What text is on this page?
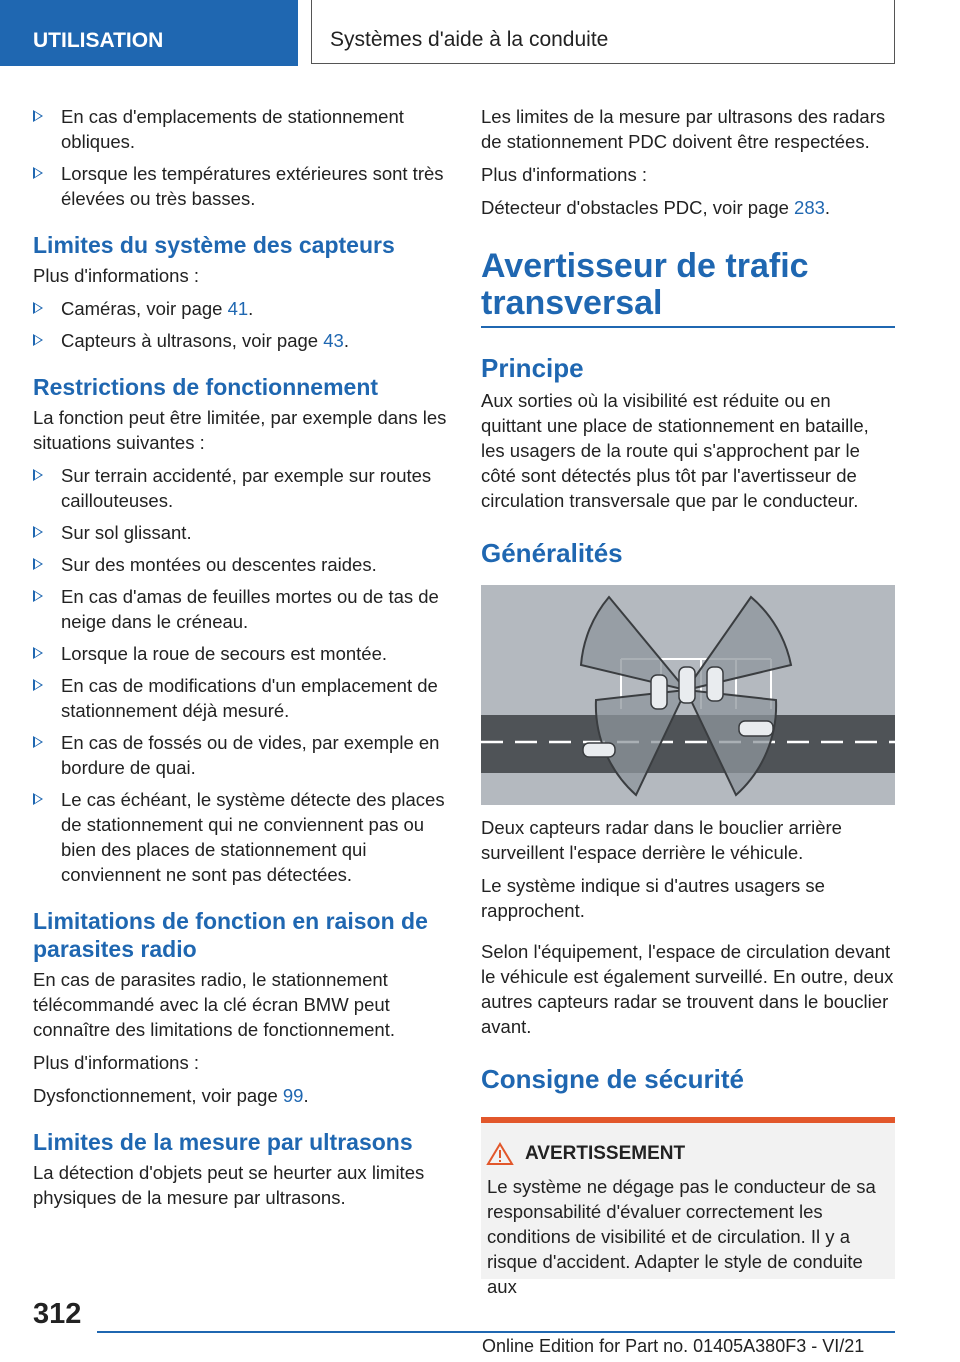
UTILISATION	Systèmes d'aide à la conduite
En cas d'emplacements de stationnement obliques.
Lorsque les températures extérieures sont très élevées ou très basses.
Limites du système des capteurs

Plus d'informations :

Caméras, voir page 41.
Capteurs à ultrasons, voir page 43.
Restrictions de fonctionnement

La fonction peut être limitée, par exemple dans les situations suivantes :

Sur terrain accidenté, par exemple sur routes caillouteuses.
Sur sol glissant.
Sur des montées ou descentes raides.
En cas d'amas de feuilles mortes ou de tas de neige dans le créneau.
Lorsque la roue de secours est montée.
En cas de modifications d'un emplacement de stationnement déjà mesuré.
En cas de fossés ou de vides, par exemple en bordure de quai.
Le cas échéant, le système détecte des places de stationnement qui ne conviennent pas ou bien des places de stationnement qui conviennent ne sont pas détectées.
Limitations de fonction en raison de parasites radio

En cas de parasites radio, le stationnement télécommandé avec la clé écran BMW peut connaître des limitations de fonctionnement.

Plus d'informations :

Dysfonctionnement, voir page 99.

Limites de la mesure par ultrasons

La détection d'objets peut se heurter aux limites physiques de la mesure par ultrasons.

Les limites de la mesure par ultrasons des radars de stationnement PDC doivent être respectées.

Plus d'informations :

Détecteur d'obstacles PDC, voir page 283.

Avertisseur de trafic transversal
Principe

Aux sorties où la visibilité est réduite ou en quittant une place de stationnement en bataille, les usagers de la route qui s'approchent par le côté sont détectés plus tôt par l'avertisseur de circulation transversale que par le conducteur.

Généralités

Deux capteurs radar dans le bouclier arrière surveillent l'espace derrière le véhicule.

Le système indique si d'autres usagers se rapprochent.

Selon l'équipement, l'espace de circulation devant le véhicule est également surveillé. En outre, deux autres capteurs radar se trouvent dans le bouclier avant.

Consigne de sécurité
AVERTISSEMENT

Le système ne dégage pas le conducteur de sa responsabilité d'évaluer correctement les conditions de visibilité et de circulation. Il y a risque d'accident. Adapter le style de conduite aux

312
Online Edition for Part no. 01405A380F3 - VI/21
